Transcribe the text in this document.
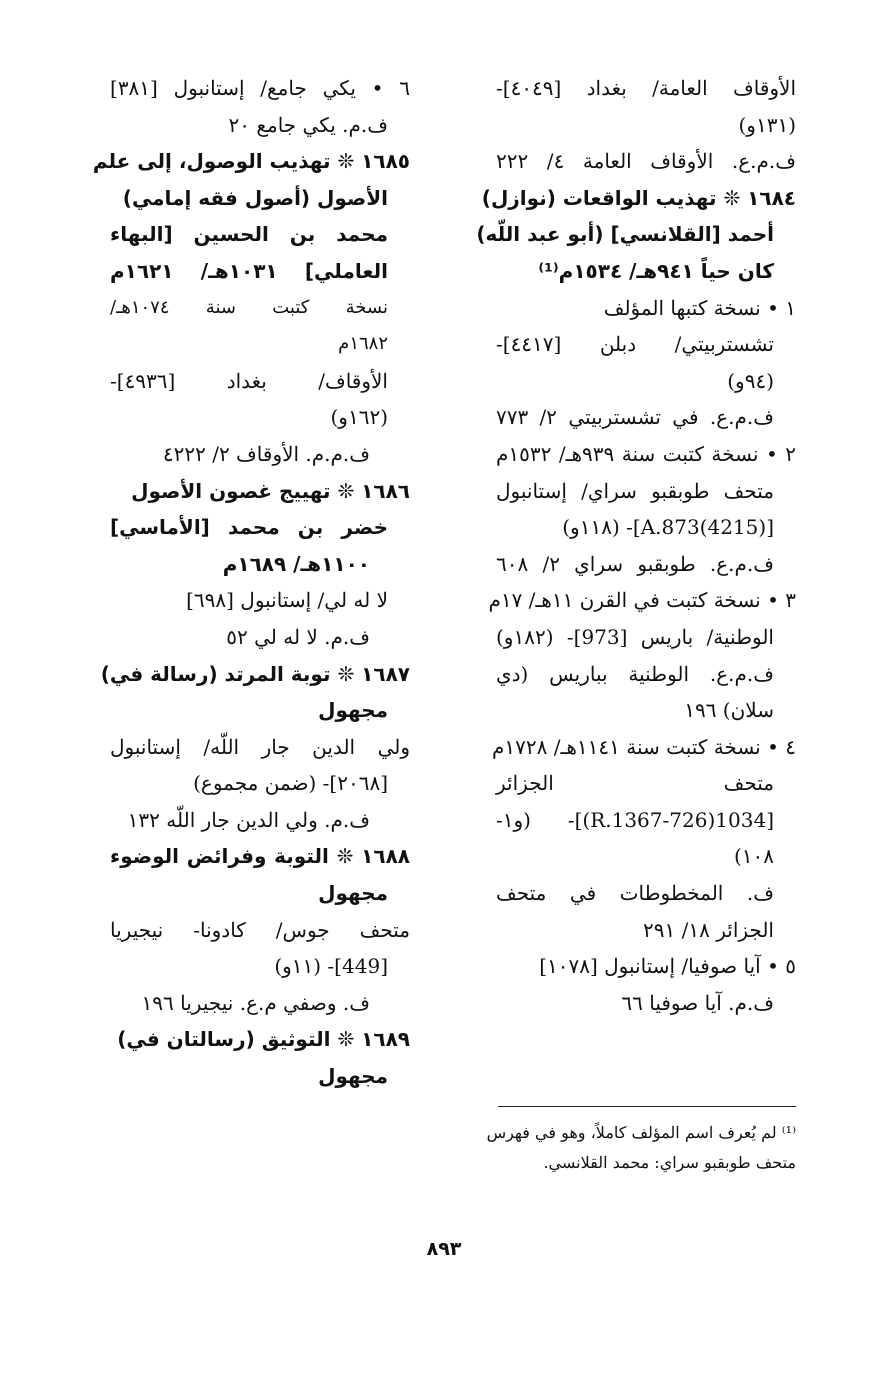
الأوقاف العامة/ بغداد [٤٠٤٩]-
(١٣١و)
ف.م.ع. الأوقاف العامة ٤/ ٢٢٢
١٦٨٤ ❊ تهذيب الواقعات (نوازل)
أحمد [القلانسي] (أبو عبد اللّه)
كان حياً ٩٤١هـ/ ١٥٣٤م⁽¹⁾
١ • نسخة كتبها المؤلف
تشستربيتي/ دبلن [٤٤١٧]-
(٩٤و)
ف.م.ع. في تشستربيتي ٢/ ٧٧٣
٢ • نسخة كتبت سنة ٩٣٩هـ/ ١٥٣٢م
متحف طوبقبو سراي/ إستانبول
[(4215)A.873]- (١١٨و)
ف.م.ع. طوبقبو سراي ٢/ ٦٠٨
٣ • نسخة كتبت في القرن ١١هـ/ ١٧م
الوطنية/ باريس [973]- (١٨٢و)
ف.م.ع. الوطنية بباريس (دي
سلان) ١٩٦
٤ • نسخة كتبت سنة ١١٤١هـ/ ١٧٢٨م
متحف الجزائر
[1034(726-R.1367)]- (و١-
١٠٨)
ف. المخطوطات في متحف
الجزائر ١٨/ ٢٩١
٥ • آيا صوفيا/ إستانبول [١٠٧٨]
ف.م. آيا صوفيا ٦٦
٦ • يكي جامع/ إستانبول [٣٨١]
ف.م. يكي جامع ٢٠
١٦٨٥ ❊ تهذيب الوصول، إلى علم
الأصول (أصول فقه إمامي)
محمد بن الحسين [البهاء
العاملي] ١٠٣١هـ/ ١٦٢١م
نسخة كتبت سنة ١٠٧٤هـ/
١٦٨٢م
الأوقاف/ بغداد [٤٩٣٦]-
(١٦٢و)
ف.م.م. الأوقاف ٢/ ٤٢٢٢
١٦٨٦ ❊ تهييج غصون الأصول
خضر بن محمد [الأماسي]
١١٠٠هـ/ ١٦٨٩م
لا له لي/ إستانبول [٦٩٨]
ف.م. لا له لي ٥٢
١٦٨٧ ❊ توبة المرتد (رسالة في)
مجهول
ولي الدين جار اللّه/ إستانبول
[٢٠٦٨]- (ضمن مجموع)
ف.م. ولي الدين جار اللّه ١٣٢
١٦٨٨ ❊ التوبة وفرائض الوضوء
مجهول
متحف جوس/ كادونا- نيجيريا
[449]- (١١و)
ف. وصفي م.ع. نيجيريا ١٩٦
١٦٨٩ ❊ التوثيق (رسالتان في)
مجهول
⁽¹⁾ لم يُعرف اسم المؤلف كاملاً، وهو في فهرس
متحف طوبقبو سراي: محمد القلانسي.
٨٩٣
